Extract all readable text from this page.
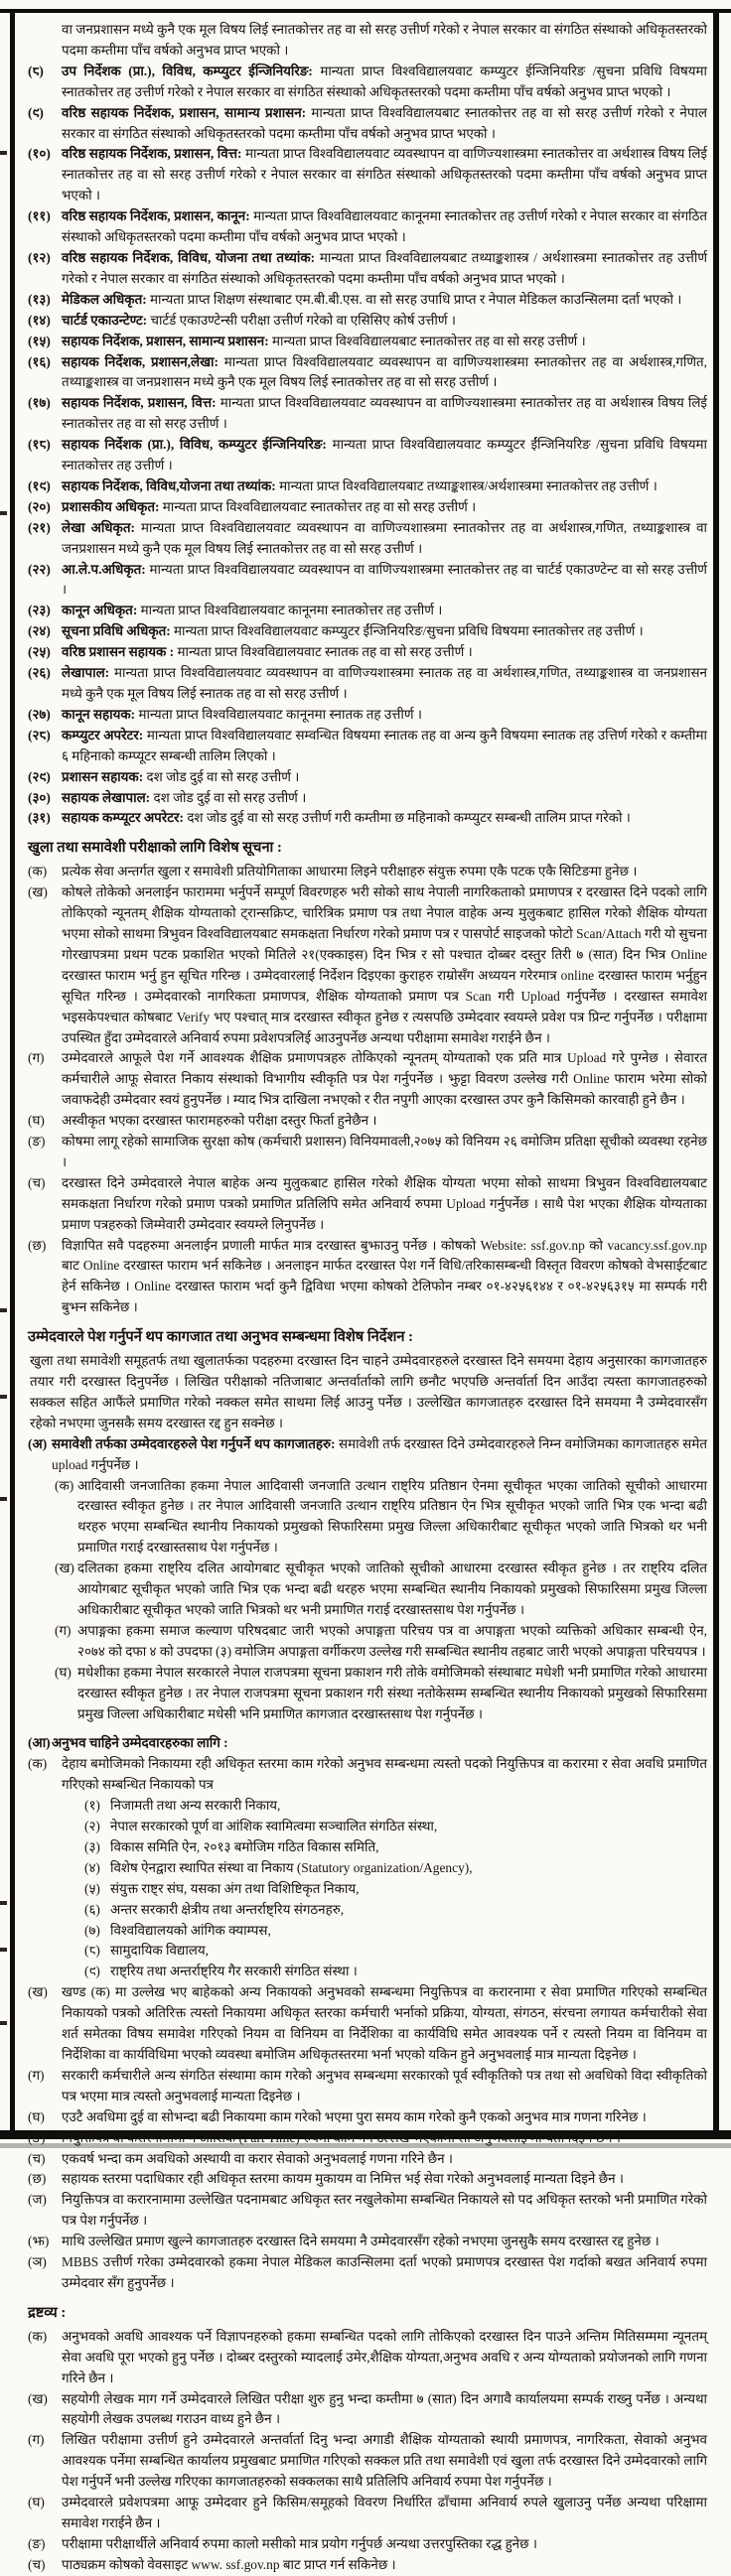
वा जनप्रशासन मध्ये कुनै एक मूल विषय लिई स्नातकोत्तर तह वा सो सरह उत्तीर्ण गरेको र नेपाल सरकार वा संगठित संस्थाको अधिकृतस्तरको पदमा कम्तीमा पाँच वर्षको अनुभव प्राप्त भएको ।
(८)	उप निर्देशक (प्रा.), विविध, कम्प्युटर ईन्जिनियरिङ: मान्यता प्राप्त विश्वविद्यालयवाट कम्प्युटर ईन्जिनियरिङ /सुचना प्रविधि विषयमा स्नातकोत्तर तह उत्तीर्ण गरेको र नेपाल सरकार वा संगठित संस्थाको अधिकृतस्तरको पदमा कम्तीमा पाँच वर्षको अनुभव प्राप्त भएको ।
(९)	वरिष्ठ सहायक निर्देशक, प्रशासन, सामान्य प्रशासन: मान्यता प्राप्त विश्वविद्यालयबाट स्नातकोत्तर तह वा सो सरह उत्तीर्ण गरेको र नेपाल सरकार वा संगठित संस्थाको अधिकृतस्तरको पदमा कम्तीमा पाँच वर्षको अनुभव प्राप्त भएको ।
(१०) वरिष्ठ सहायक निर्देशक, प्रशासन, वित्त: मान्यता प्राप्त विश्वविद्यालयवाट व्यवस्थापन वा वाणिज्यशास्त्रमा स्नातकोत्तर वा अर्थशास्त्र विषय लिई स्नातकोत्तर तह वा सो सरह उत्तीर्ण गरेको र नेपाल सरकार वा संगठित संस्थाको अधिकृतस्तरको पदमा कम्तीमा पाँच वर्षको अनुभव प्राप्त भएको ।
(११) वरिष्ठ सहायक निर्देशक, प्रशासन, कानून: मान्यता प्राप्त विश्वविद्यालयवाट कानूनमा स्नातकोत्तर तह उत्तीर्ण गरेको र नेपाल सरकार वा संगठित संस्थाको अधिकृतस्तरको पदमा कम्तीमा पाँच वर्षको अनुभव प्राप्त भएको ।
(१२) वरिष्ठ सहायक निर्देशक, विविध, योजना तथा तथ्यांक: मान्यता प्राप्त विश्वविद्यालयबाट तथ्याङ्कशास्त्र / अर्थशास्त्रमा स्नातकोत्तर तह उत्तीर्ण गरेको र नेपाल सरकार वा संगठित संस्थाको अधिकृतस्तरको पदमा कम्तीमा पाँच वर्षको अनुभव प्राप्त भएको ।
(१३) मेडिकल अधिकृत: मान्यता प्राप्त शिक्षण संस्थाबाट एम.बी.बी.एस. वा सो सरह उपाधि प्राप्त र नेपाल मेडिकल काउन्सिलमा दर्ता भएको ।
(१४) चार्टर्ड एकाउन्टेण्ट: चार्टर्ड एकाउण्टेन्सी परीक्षा उत्तीर्ण गरेको वा एसिसिए कोर्ष उत्तीर्ण ।
(१५) सहायक निर्देशक, प्रशासन, सामान्य प्रशासन: मान्यता प्राप्त विश्वविद्यालयबाट स्नातकोत्तर तह वा सो सरह उत्तीर्ण ।
(१६) सहायक निर्देशक, प्रशासन,लेखा: मान्यता प्राप्त विश्वविद्यालयवाट व्यवस्थापन वा वाणिज्यशास्त्रमा स्नातकोत्तर तह वा अर्थशास्त्र,गणित, तथ्याङ्कशास्त्र वा जनप्रशासन मध्ये कुनै एक मूल विषय लिई स्नातकोत्तर तह वा सो सरह उत्तीर्ण ।
(१७) सहायक निर्देशक, प्रशासन, वित्त: मान्यता प्राप्त विश्वविद्यालयवाट व्यवस्थापन वा वाणिज्यशास्त्रमा स्नातकोत्तर तह वा अर्थशास्त्र विषय लिई स्नातकोत्तर तह वा सो सरह उत्तीर्ण ।
(१८) सहायक निर्देशक (प्रा.), विविध, कम्प्युटर ईन्जिनियरिङ: मान्यता प्राप्त विश्वविद्यालयवाट कम्प्युटर ईंन्जिनियरिङ /सुचना प्रविधि विषयमा स्नातकोत्तर तह उत्तीर्ण ।
(१९) सहायक निर्देशक, विविध,योजना तथा तथ्यांक: मान्यता प्राप्त विश्वविद्यालयबाट तथ्याङ्कशास्त्र/अर्थशास्त्रमा स्नातकोत्तर तह उत्तीर्ण ।
(२०) प्रशासकीय अधिकृत: मान्यता प्राप्त विश्वविद्यालयवाट स्नातकोत्तर तह वा सो सरह उत्तीर्ण ।
(२१) लेखा अधिकृत: मान्यता प्राप्त विश्वविद्यालयवाट व्यवस्थापन वा वाणिज्यशास्त्रमा स्नातकोत्तर तह वा अर्थशास्त्र,गणित, तथ्याङ्कशास्त्र वा जनप्रशासन मध्ये कुनै एक मूल विषय लिई स्नातकोत्तर तह वा सो सरह उत्तीर्ण ।
(२२) आ.ले.प.अधिकृत: मान्यता प्राप्त विश्वविद्यालयवाट व्यवस्थापन वा वाणिज्यशास्त्रमा स्नातकोत्तर तह वा चार्टर्ड एकाउण्टेन्ट वा सो सरह उत्तीर्ण ।
(२३) कानून अधिकृत: मान्यता प्राप्त विश्वविद्यालयवाट कानूनमा स्नातकोत्तर तह उत्तीर्ण ।
(२४) सूचना प्रविधि अधिकृत: मान्यता प्राप्त विश्वविद्यालयवाट कम्प्युटर ईंन्जिनियरिङ/सुचना प्रविधि विषयमा स्नातकोत्तर तह उत्तीर्ण ।
(२५) वरिष्ठ प्रशासन सहायक : मान्यता प्राप्त विश्वविद्यालयवाट स्नातक तह वा सो सरह उत्तीर्ण ।
(२६) लेखापाल: मान्यता प्राप्त विश्वविद्यालयवाट व्यवस्थापन वा वाणिज्यशास्त्रमा स्नातक तह वा अर्थशास्त्र,गणित, तथ्याङ्कशास्त्र वा जनप्रशासन मध्ये कुनै एक मूल विषय लिई स्नातक तह वा सो सरह उत्तीर्ण ।
(२७) कानून सहायक: मान्यता प्राप्त विश्वविद्यालयवाट कानूनमा स्नातक तह उत्तीर्ण ।
(२८) कम्प्युटर अपरेटर: मान्यता प्राप्त विश्वविद्यालयवाट सम्वन्धित विषयमा स्नातक तह वा अन्य कुनै विषयमा स्नातक तह उत्तिर्ण गरेको र कम्तीमा ६ महिनाको कम्प्यूटर सम्बन्धी तालिम लिएको ।
(२९) प्रशासन सहायक: दश जोड दुई वा सो सरह उत्तीर्ण ।
(३०) सहायक लेखापाल: दश जोड दुई वा सो सरह उत्तीर्ण ।
(३१) सहायक कम्प्यूटर अपरेटर: दश जोड दुई वा सो सरह उत्तीर्ण गरी कम्तीमा छ महिनाको कम्प्युटर सम्बन्धी तालिम प्राप्त गरेको ।
खुला तथा समावेशी परीक्षाको लागि विशेष सूचना :
(क)	प्रत्येक सेवा अन्तर्गत खुला र समावेशी प्रतियोगिताका आधारमा लिइने परीक्षाहरु संयुक्त रुपमा एकै पटक एकै सिटिङमा हुनेछ ।
(ख)	कोषले तोकेको अनलाईन फाराममा भर्नुपर्ने सम्पूर्ण विवरणहरु भरी सोको साथ नेपाली नागरिकताको प्रमाणपत्र र दरखास्त दिने पदको लागि तोकिएको न्यूनतम् शैक्षिक योग्यताको ट्रान्सक्रिप्ट, चारित्रिक प्रमाण पत्र तथा नेपाल वाहेक अन्य मुलुकबाट हासिल गरेको शैक्षिक योग्यता भएमा सोको साथमा त्रिभुवन विश्वविद्यालयबाट समकक्षता निर्धारण गरेको प्रमाण पत्र र पासपोर्ट साइजको फोटो Scan/Attach गरी यो सुचना गोरखापत्रमा प्रथम पटक प्रकाशित भएको मितिले २१(एक्काइस) दिन भित्र र सो पश्चात दोब्बर दस्तुर तिरी ७ (सात) दिन भित्र Online दरखास्त फाराम भर्नु हुन सूचित गरिन्छ । उम्मेदवारलाई निर्देशन दिइएका कुराहरु राम्रोसँग अध्ययन गरेरमात्र online दरखास्त फाराम भर्नुहुन सूचित गरिन्छ । उम्मेदवारको नागरिकता प्रमाणपत्र, शैक्षिक योग्यताको प्रमाण पत्र Scan गरी Upload गर्नुपर्नेछ । दरखास्त समावेश भइसकेपश्चात कोषबाट Verify भए पश्चात् मात्र दरखास्त स्वीकृत हुनेछ र त्यसपछि उम्मेदवार स्वयम्ले प्रवेश पत्र प्रिन्ट गर्नुपर्नेछ । परीक्षामा उपस्थित हुँदा उम्मेदवारले अनिवार्य रुपमा प्रवेशपत्रलिई आउनुपर्नेछ अन्यथा परीक्षामा समावेश गराईने छैन ।
(ग)	उम्मेदवारले आफूले पेश गर्ने आवश्यक शैक्षिक प्रमाणपत्रहरु तोकिएको न्यूनतम् योग्यताको एक प्रति मात्र Upload गरे पुग्नेछ । सेवारत कर्मचारीले आफू सेवारत निकाय संस्थाको विभागीय स्वीकृति पत्र पेश गर्नुपर्नेछ । झुट्टा विवरण उल्लेख गरी Online फाराम भरेमा सोको जवाफदेही उम्मेदवार स्वयं हुनुपर्नेछ । म्याद भित्र दाखिला नभएको र रीत नपुगी आएका दरखास्त उपर कुनै किसिमको कारवाही हुने छैन ।
(घ)	अस्वीकृत भएका दरखास्त फारामहरुको परीक्षा दस्तुर फिर्ता हुनेछैन ।
(ङ)	कोषमा लागू रहेको सामाजिक सुरक्षा कोष (कर्मचारी प्रशासन) विनियमावली,२०७५ को विनियम २६ वमोजिम प्रतिक्षा सूचीको व्यवस्था रहनेछ ।
(च)	दरखास्त दिने उम्मेदवारले नेपाल बाहेक अन्य मुलुकबाट हासिल गरेको शैक्षिक योग्यता भएमा सोको साथमा त्रिभुवन विश्वविद्यालयबाट समकक्षता निर्धारण गरेको प्रमाण पत्रको प्रमाणित प्रतिलिपि समेत अनिवार्य रुपमा Upload गर्नुपर्नेछ । साथै पेश भएका शैक्षिक योग्यताका प्रमाण पत्रहरुको जिम्मेवारी उम्मेदवार स्वयम्ले लिनुपर्नेछ ।
(छ)	विज्ञापित सवै पदहरुमा अनलाईन प्रणाली मार्फत मात्र दरखास्त बुझाउनु पर्नेछ । कोषको Website: ssf.gov.np को vacancy.ssf.gov.np बाट Online दरखास्त फाराम भर्न सकिनेछ । अनलाइन मार्फत दरखास्त पेश गर्ने विधि/तरिकासम्बन्धी विस्तृत विवरण कोषको वेभसाईटबाट हेर्न सकिनेछ । Online दरखास्त फाराम भर्दा कुनै द्विविधा भएमा कोषको टेलिफोन नम्बर ०१-४२५६१४४ र ०१-४२५६३१५ मा सम्पर्क गरी बुझ्न सकिनेछ ।
उम्मेदवारले पेश गर्नुपर्ने थप कागजात तथा अनुभव सम्बन्धमा विशेष निर्देशन :
खुला तथा समावेशी समूहतर्फ तथा खुलातर्फका पदहरुमा दरखास्त दिन चाहने उम्मेदवारहरुले दरखास्त दिने समयमा देहाय अनुसारका कागजातहरु तयार गरी दरखास्त दिनुपर्नेछ । लिखित परीक्षाको नतिजाबाट अन्तर्वार्ताको लागि छनौट भएपछि अन्तर्वार्ता दिन आउँदा त्यस्ता कागजातहरुको सक्कल सहित आफैंले प्रमाणित गरेको नक्कल समेत साथमा लिई आउनु पर्नेछ । उल्लेखित कागजातहरु दरखास्त दिने समयमा नै उम्मेदवारसँग रहेको नभएमा जुनसकै समय दरखास्त रद्द हुन सक्नेछ ।
(अ) समावेशी तर्फका उम्मेदवारहरुले पेश गर्नुपर्ने थप कागजातहरु: समावेशी तर्फ दरखास्त दिने उम्मेदवारहरुले निम्न वमोजिमका कागजातहरु समेत upload गर्नुपर्नेछ ।
(क) आदिवासी जनजातिका हकमा नेपाल आदिवासी जनजाति उत्थान राष्ट्रिय प्रतिष्ठान ऐनमा सूचीकृत भएका जातिको सूचीको आधारमा दरखास्त स्वीकृत हुनेछ । तर नेपाल आदिवासी जनजाति उत्थान राष्ट्रिय प्रतिष्ठान ऐन भित्र सूचीकृत भएको जाति भित्र एक भन्दा बढी थरहरु भएमा सम्बन्धित स्थानीय निकायको प्रमुखको सिफारिसमा प्रमुख जिल्ला अधिकारीबाट सूचीकृत भएको जाति भित्रको थर भनी प्रमाणित गराई दरखास्तसाथ पेश गर्नुपर्नेछ ।
(ख) दलितका हकमा राष्ट्रिय दलित आयोगबाट सूचीकृत भएको जातिको सूचीको आधारमा दरखास्त स्वीकृत हुनेछ । तर राष्ट्रिय दलित आयोगबाट सूचीकृत भएको जाति भित्र एक भन्दा बढी थरहरु भएमा सम्बन्धित स्थानीय निकायको प्रमुखको सिफारिसमा प्रमुख जिल्ला अधिकारीबाट सूचीकृत भएको जाति भित्रको थर भनी प्रमाणित गराई दरखास्तसाथ पेश गर्नुपर्नेछ ।
(ग) अपाङ्गका हकमा समाज कल्याण परिषदबाट जारी भएको अपाङ्गता परिचय पत्र वा अपाङ्गता भएको व्यक्तिको अधिकार सम्बन्धी ऐन, २०७४ को दफा ४ को उपदफा (३) वमोजिम अपाङ्गता वर्गीकरण उल्लेख गरी सम्बन्धित स्थानीय तहबाट जारी भएको अपाङ्गता परिचयपत्र ।
(घ) मधेशीका हकमा नेपाल सरकारले नेपाल राजपत्रमा सूचना प्रकाशन गरी तोके वमोजिमको संस्थाबाट मधेशी भनी प्रमाणित गरेको आधारमा दरखास्त स्वीकृत हुनेछ । तर नेपाल राजपत्रमा सूचना प्रकाशन गरी संस्था नतोकेसम्म सम्बन्धित स्थानीय निकायको प्रमुखको सिफारिसमा प्रमुख जिल्ला अधिकारीबाट मधेसी भनि प्रमाणित कागजात दरखास्तसाथ पेश गर्नुपर्नेछ ।
(आ) अनुभव चाहिने उम्मेदवारहरुका लागि :
(क)	देहाय बमोजिमको निकायमा रही अधिकृत स्तरमा काम गरेको अनुभव सम्बन्धमा त्यस्तो पदको नियुक्तिपत्र वा करारमा र सेवा अवधि प्रमाणित गरिएको सम्बन्धित निकायको पत्र
(१) निजामती तथा अन्य सरकारी निकाय,
(२) नेपाल सरकारको पूर्ण वा आंशिक स्वामित्वमा सञ्चालित संगठित संस्था,
(३) विकास समिति ऐन, २०१३ बमोजिम गठित विकास समिति,
(४) विशेष ऐनद्वारा स्थापित संस्था वा निकाय (Statutory organization/Agency),
(५) संयुक्त राष्ट्र संघ, यसका अंग तथा विशिष्टिकृत निकाय,
(६) अन्तर सरकारी क्षेत्रीय तथा अन्तर्राष्ट्रिय संगठनहरु,
(७) विश्वविद्यालयको आंगिक क्याम्पस,
(८) सामुदायिक विद्यालय,
(९) राष्ट्रिय तथा अन्तर्राष्ट्रिय गैर सरकारी संगठित संस्था ।
(ख)	खण्ड (क) मा उल्लेख भए बाहेकको अन्य निकायको अनुभवको सम्बन्धमा नियुक्तिपत्र वा करारनामा र सेवा प्रमाणित गरिएको सम्बन्धित निकायको पत्रको अतिरिक्त त्यस्तो निकायमा अधिकृत स्तरका कर्मचारी भर्नाको प्रक्रिया, योग्यता, संगठन, संरचना लगायत कर्मचारीको सेवा शर्त समेतका विषय समावेश गरिएको नियम वा विनियम वा निर्देशिका वा कार्यविधि समेत आवश्यक पर्ने र त्यस्तो नियम वा विनियम वा निर्देशिका वा कार्यविधिमा भएको व्यवस्था बमोजिम अधिकृतस्तरमा भर्ना भएको यकिन हुने अनुभवलाई मात्र मान्यता दिइनेछ ।
(ग)	सरकारी कर्मचारीले अन्य संगठित संस्थामा काम गरेको अनुभव सम्बन्धमा सरकारको पूर्व स्वीकृतिको पत्र तथा सो अवधिको विदा स्वीकृतिको पत्र भएमा मात्र त्यस्तो अनुभवलाई मान्यता दिइनेछ ।
(घ)	एउटै अवधिमा दुई वा सोभन्दा बढी निकायमा काम गरेको भएमा पुरा समय काम गरेको कुनै एकको अनुभव मात्र गणना गरिनेछ ।
(ङ)	नियुक्तिपत्र वा करारनामामा नै आंशिक (Part Time) रुपमा काम गर्ने उल्लेख भएकोमा सो अनुभवलाई मान्यता दिइने छैन ।
(च)	एकवर्ष भन्दा कम अवधिको अस्थायी वा करार सेवाको अनुभवलाई गणना गरिने छैन ।
(छ)	सहायक स्तरमा पदाधिकार रही अधिकृत स्तरमा कायम मुकायम वा निमित्त भई सेवा गरेको अनुभवलाई मान्यता दिइने छैन ।
(ज)	नियुक्तिपत्र वा करारनामामा उल्लेखित पदनामबाट अधिकृत स्तर नखुलेकोमा सम्बन्धित निकायले सो पद अधिकृत स्तरको भनी प्रमाणित गरेको पत्र पेश गर्नुपर्नेछ ।
(झ) माथि उल्लेखित प्रमाण खुल्ने कागजातहरु दरखास्त दिने समयमा नै उम्मेदवारसँग रहेको नभएमा जुनसुकै समय दरखास्त रद्द हुनेछ ।
(ञ)	MBBS उत्तीर्ण गरेका उम्मेदवारको हकमा नेपाल मेडिकल काउन्सिलमा दर्ता भएको प्रमाणपत्र दरखास्त पेश गर्दाको बखत अनिवार्य रुपमा उम्मेदवार सँग हुनुपर्नेछ ।
द्रष्टव्य :
(क)	अनुभवको अवधि आवश्यक पर्ने विज्ञापनहरुको हकमा सम्बन्धित पदको लागि तोकिएको दरखास्त दिन पाउने अन्तिम मितिसम्ममा न्यूनतम् सेवा अवधि पूरा भएको हुनु पर्नेछ । दोब्बर दस्तुरको म्यादलाई उमेर,शैक्षिक योग्यता,अनुभव अवधि र अन्य योग्यताको प्रयोजनको लागि गणना गरिने छैन ।
(ख)	सहयोगी लेखक माग गर्ने उम्मेदवारले लिखित परीक्षा शुरु हुनु भन्दा कम्तीमा ७ (सात) दिन अगावै कार्यालयमा सम्पर्क राख्नु पर्नेछ । अन्यथा सहयोगी लेखक उपलब्ध गराउन वाध्य हुने छैन ।
(ग)	लिखित परीक्षामा उत्तीर्ण हुने उम्मेदवारले अन्तर्वार्ता दिनु भन्दा अगाडी शैक्षिक योग्यताको स्थायी प्रमाणपत्र, नागरिकता, सेवाको अनुभव आवश्यक पर्नेमा सम्बन्धित कार्यालय प्रमुखबाट प्रमाणित गरिएको सक्कल प्रति तथा समावेशी एवं खुला तर्फ दरखास्त दिने उम्मेदवारको लागि पेश गर्नुपर्ने भनी उल्लेख गरिएका कागजातहरुको सक्कलका साथै प्रतिलिपि अनिवार्य रुपमा पेश गर्नुपर्नेछ ।
(घ)	उम्मेदवारले प्रवेशपत्रमा आफू उम्मेदवार हुने किसिम/समूहको विवरण निर्धारित ढाँचामा अनिवार्य रुपले खुलाउनु पर्नेछ अन्यथा परिक्षामा समावेश गराईने छैन ।
(ङ)	परीक्षामा परीक्षार्थीले अनिवार्य रुपमा कालो मसीको मात्र प्रयोग गर्नुपर्छ अन्यथा उत्तरपुस्तिका रद्ध हुनेछ ।
(च)	पाठ्यक्रम कोषको वेवसाइट www. ssf.gov.np बाट प्राप्त गर्न सकिनेछ ।
